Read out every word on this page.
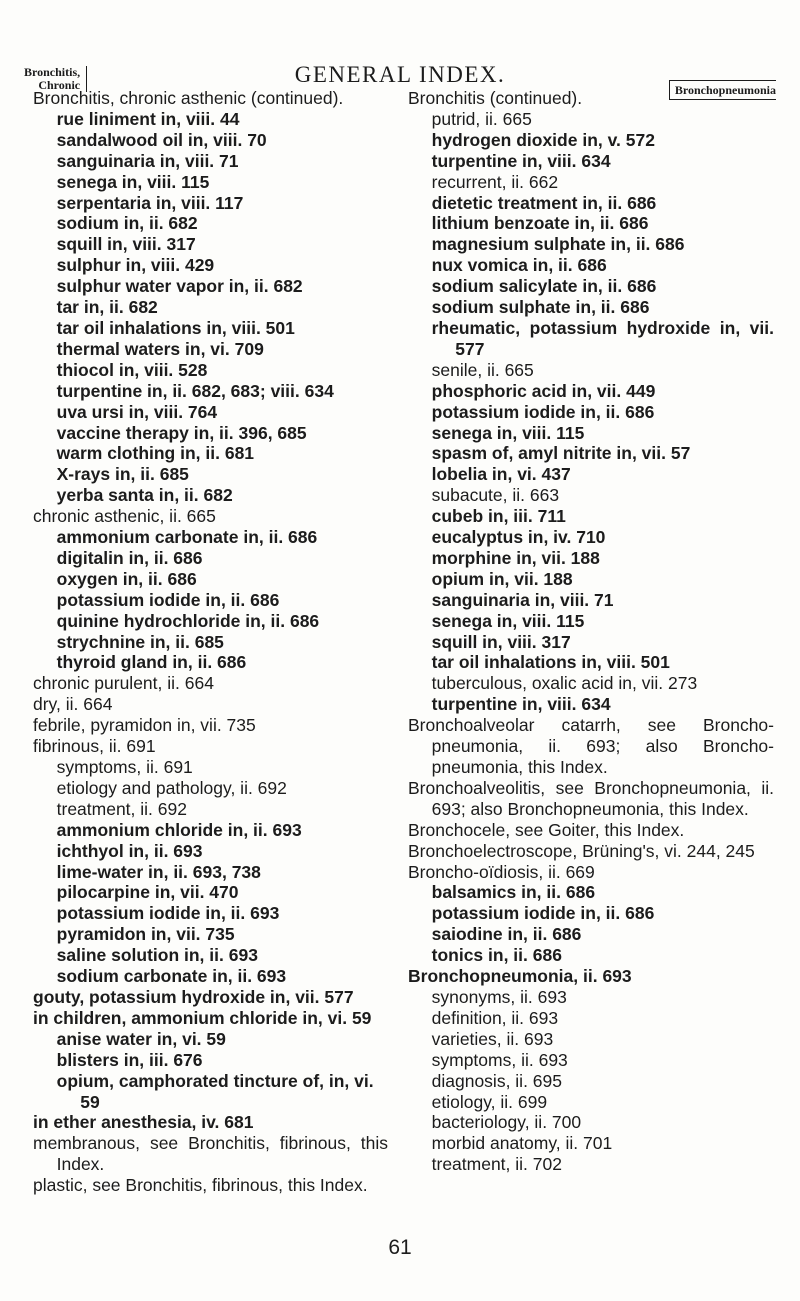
Bronchitis,
Chronic	GENERAL INDEX.
Bronchopneumonia
Bronchitis, chronic asthenic (continued).
rue liniment in, viii. 44
sandalwood oil in, viii. 70
sanguinaria in, viii. 71
senega in, viii. 115
serpentaria in, viii. 117
sodium in, ii. 682
squill in, viii. 317
sulphur in, viii. 429
sulphur water vapor in, ii. 682
tar in, ii. 682
tar oil inhalations in, viii. 501
thermal waters in, vi. 709
thiocol in, viii. 528
turpentine in, ii. 682, 683; viii. 634
uva ursi in, viii. 764
vaccine therapy in, ii. 396, 685
warm clothing in, ii. 681
X-rays in, ii. 685
yerba santa in, ii. 682
chronic asthenic, ii. 665
ammonium carbonate in, ii. 686
digitalin in, ii. 686
oxygen in, ii. 686
potassium iodide in, ii. 686
quinine hydrochloride in, ii. 686
strychnine in, ii. 685
thyroid gland in, ii. 686
chronic purulent, ii. 664
dry, ii. 664
febrile, pyramidon in, vii. 735
fibrinous, ii. 691
symptoms, ii. 691
etiology and pathology, ii. 692
treatment, ii. 692
ammonium chloride in, ii. 693
ichthyol in, ii. 693
lime-water in, ii. 693, 738
pilocarpine in, vii. 470
potassium iodide in, ii. 693
pyramidon in, vii. 735
saline solution in, ii. 693
sodium carbonate in, ii. 693
gouty, potassium hydroxide in, vii. 577
in children, ammonium chloride in, vi. 59
anise water in, vi. 59
blisters in, iii. 676
opium, camphorated tincture of, in, vi. 59
in ether anesthesia, iv. 681
membranous, see Bronchitis, fibrinous, this Index.
plastic, see Bronchitis, fibrinous, this Index.
Bronchitis (continued).
putrid, ii. 665
hydrogen dioxide in, v. 572
turpentine in, viii. 634
recurrent, ii. 662
dietetic treatment in, ii. 686
lithium benzoate in, ii. 686
magnesium sulphate in, ii. 686
nux vomica in, ii. 686
sodium salicylate in, ii. 686
sodium sulphate in, ii. 686
rheumatic, potassium hydroxide in, vii. 577
senile, ii. 665
phosphoric acid in, vii. 449
potassium iodide in, ii. 686
senega in, viii. 115
spasm of, amyl nitrite in, vii. 57
lobelia in, vi. 437
subacute, ii. 663
cubeb in, iii. 711
eucalyptus in, iv. 710
morphine in, vii. 188
opium in, vii. 188
sanguinaria in, viii. 71
senega in, viii. 115
squill in, viii. 317
tar oil inhalations in, viii. 501
tuberculous, oxalic acid in, vii. 273
turpentine in, viii. 634
Bronchoalveolar catarrh, see Broncho-pneumonia, ii. 693; also Broncho-pneumonia, this Index.
Bronchoalveolitis, see Bronchopneumonia, ii. 693; also Bronchopneumonia, this Index.
Bronchocele, see Goiter, this Index.
Bronchoelectroscope, Brüning's, vi. 244, 245
Broncho-oïdiosis, ii. 669
balsamics in, ii. 686
potassium iodide in, ii. 686
saiodine in, ii. 686
tonics in, ii. 686
Bronchopneumonia, ii. 693
synonyms, ii. 693
definition, ii. 693
varieties, ii. 693
symptoms, ii. 693
diagnosis, ii. 695
etiology, ii. 699
bacteriology, ii. 700
morbid anatomy, ii. 701
treatment, ii. 702
61
